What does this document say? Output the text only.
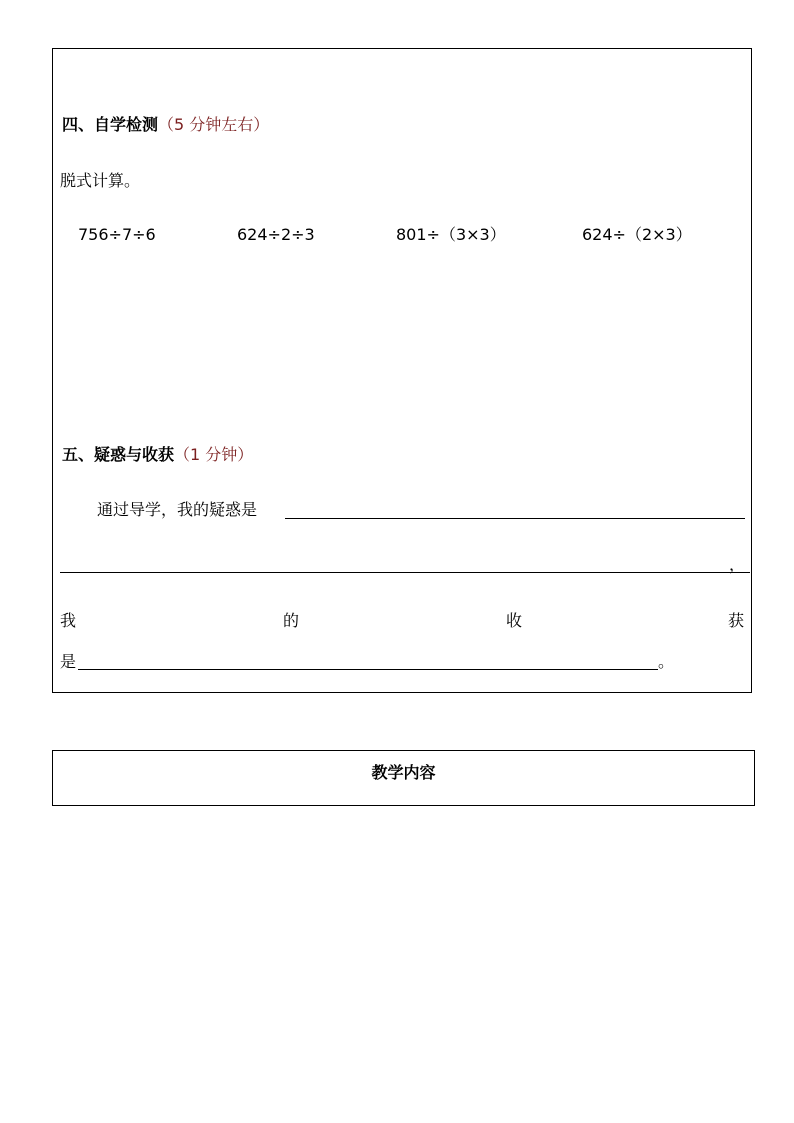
四、自学检测（5 分钟左右）
脱式计算。
756÷7÷6	624÷2÷3	801÷（3×3）	624÷（2×3）
五、疑惑与收获（1 分钟）
通过导学，我的疑惑是
，
我	的	收	获
是	。
教学内容
